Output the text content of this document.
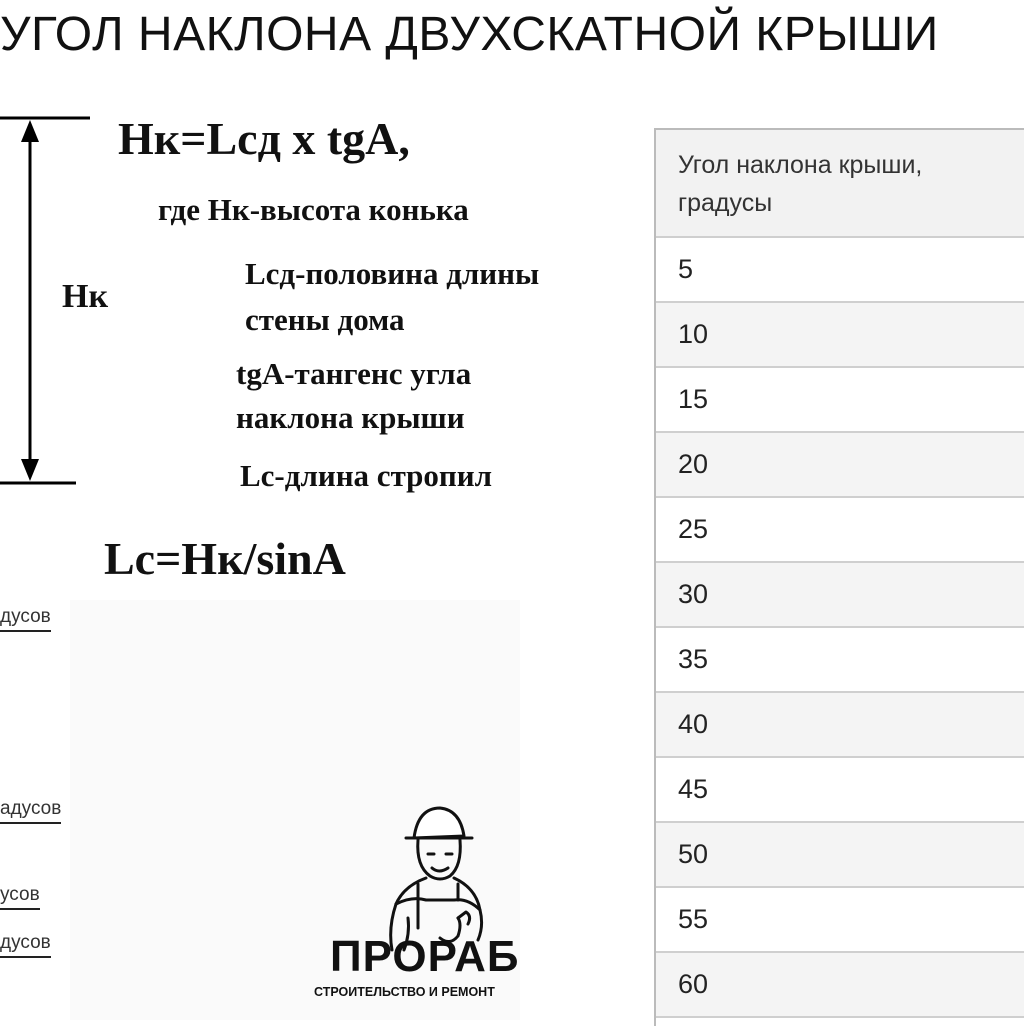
УГОЛ НАКЛОНА ДВУХСКАТНОЙ КРЫШИ
Нк
Нк=Lсд х tgA,
где Нк-высота конька
Lсд-половина длины
стены дома
tgA-тангенс угла
наклона крыши
Lс-длина стропил
Lс=Нк/sinA
дусов
адусов
усов
дусов	ПРОРАБ
СТРОИТЕЛЬСТВО И РЕМОНТ
Угол наклона крыши,
градусы
5
10
15
20
25
30
35
40
45
50
55
60
